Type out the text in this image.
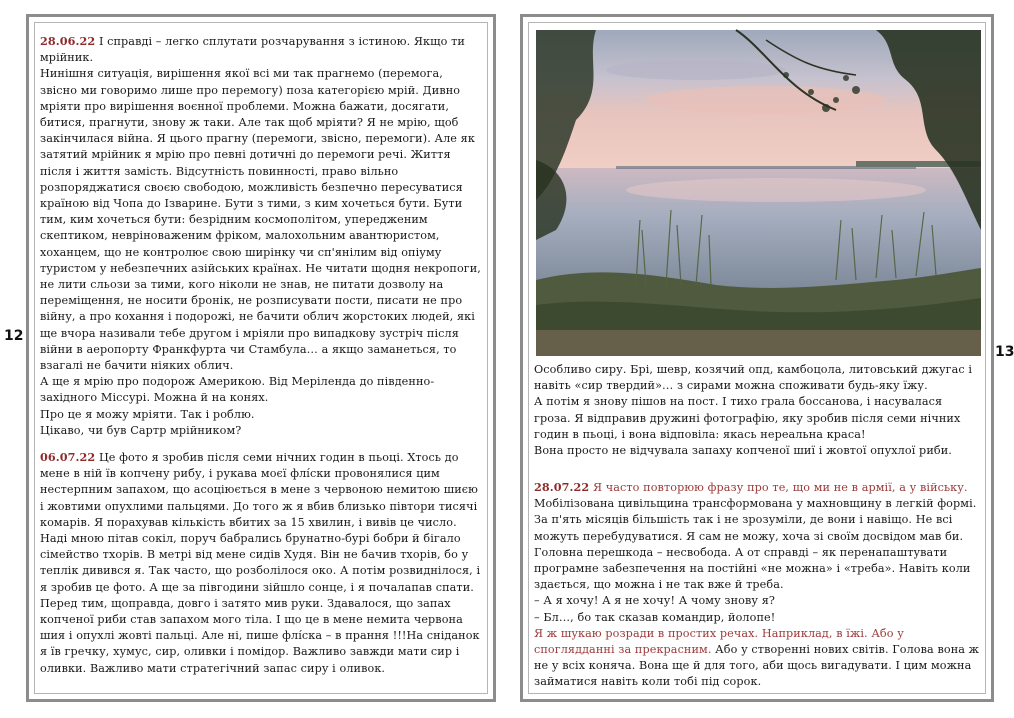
12
13

28.06.22 І справді – легко сплутати розчарування з істиною. Якщо ти мрійник.

Нинішня ситуація, вирішення якої всі ми так прагнемо (перемога, звісно ми говоримо лише про перемогу) поза категорією мрій. Дивно мріяти про вирішення воєнної проблеми. Можна бажати, досягати, битися, прагнути, знову ж таки. Але так щоб мріяти? Я не мрію, щоб закінчилася війна. Я цього прагну (перемоги, звісно, перемоги). Але як затятий мрійник я мрію про певні дотичні до перемоги речі. Життя після і життя замість. Відсутність повинності, право вільно розпоряджатися своєю свободою, можливість безпечно пересуватися країною від Чопа до Ізварине. Бути з тими, з ким хочеться бути. Бути тим, ким хочеться бути: безрідним космополітом, упередженим скептиком, невріноваженим фріком, малохольним авантюристом, хоханцем, що не контролює свою ширінку чи сп'янілим від опіуму туристом у небезпечних азійських країнах. Не читати щодня некропоги, не лити сльози за тими, кого ніколи не знав, не питати дозволу на переміщення, не носити бронік, не розписувати пости, писати не про війну, а про кохання і подорожі, не бачити облич жорстоких людей, які ще вчора називали тебе другом і мріяли про випадкову зустріч після війни в аеропорту Франкфурта чи Стамбула… а якщо заманеться, то взагалі не бачити ніяких облич.

А ще я мрію про подорож Америкою. Від Меріленда до південно-західного Міссурі. Можна й на конях.

Про це я можу мріяти. Так і роблю.

Цікаво, чи був Сартр мрійником?

06.07.22 Це фото я зробив після семи нічних годин в пьоці. Хтось до мене в ній їв копчену рибу, і рукава моєї флíски провонялися цим нестерпним запахом, що асоціюється в мене з червоною немитою шиєю і жовтими опухлими пальцями. До того ж я вбив близько півтори тисячі комарів. Я порахував кількість вбитих за 15 хвилин, і вивів це число. Наді мною пітав сокіл, поруч бабрались брунатно-бурі бобри й бігало сімейство тхорів. В метрі від мене сидів Худя. Він не бачив тхорів, бо у теплік дивився я. Так часто, що розболілося око. А потім розвиднілося, і я зробив це фото. А ще за півгодини зійшло сонце, і я почалапав спати. Перед тим, щоправда, довго і затято мив руки. Здавалося, що запах копченої риби став запахом мого тіла. І що це в мене немита червона шия і опухлі жовті пальці. Але ні, пише флíска – в прання !!!На сніданок я їв гречку, хумус, сир, оливки і помідор. Важливо завжди мати сир і оливки. Важливо мати стратегічний запас сиру і оливок.

Особливо сиру. Брі, шевр, козячий опд, камбоцола, литовський джугас і навіть «сир твердий»… з сирами можна споживати будь-яку їжу.

А потім я знову пішов на пост. І тихо грала боссанова, і насувалася гроза. Я відправив дружині фотографію, яку зробив після семи нічних годин в пьоці, і вона відповіла: якась нереальна краса!

Вона просто не відчувала запаху копченої шиї і жовтої опухлої риби.

28.07.22 Я часто повторюю фразу про те, що ми не в армії, а у війську.

Мобілізована цивільщина трансформована у махновщину в легкій формі. За п'ять місяців більшість так і не зрозуміли, де вони і навіщо. Не всі можуть перебудуватися. Я сам не можу, хоча зі своїм досвідом мав би. Головна перешкода – несвобода. А от справді – як перенапаштувати програмне забезпечення на постійні «не можна» і «треба». Навіть коли здається, що можна і не так вже й треба.

– А я хочу! А я не хочу! А чому знову я?

– Бл…, бо так сказав командир, йолопе!

Я ж шукаю розради в простих речах. Наприклад, в їжі. Або у споглядданні за прекрасним. Або у створенні нових світів. Голова вона ж не у всіх коняча. Вона ще й для того, аби щось вигадувати. І цим можна займатися навіть коли тобі під сорок.
